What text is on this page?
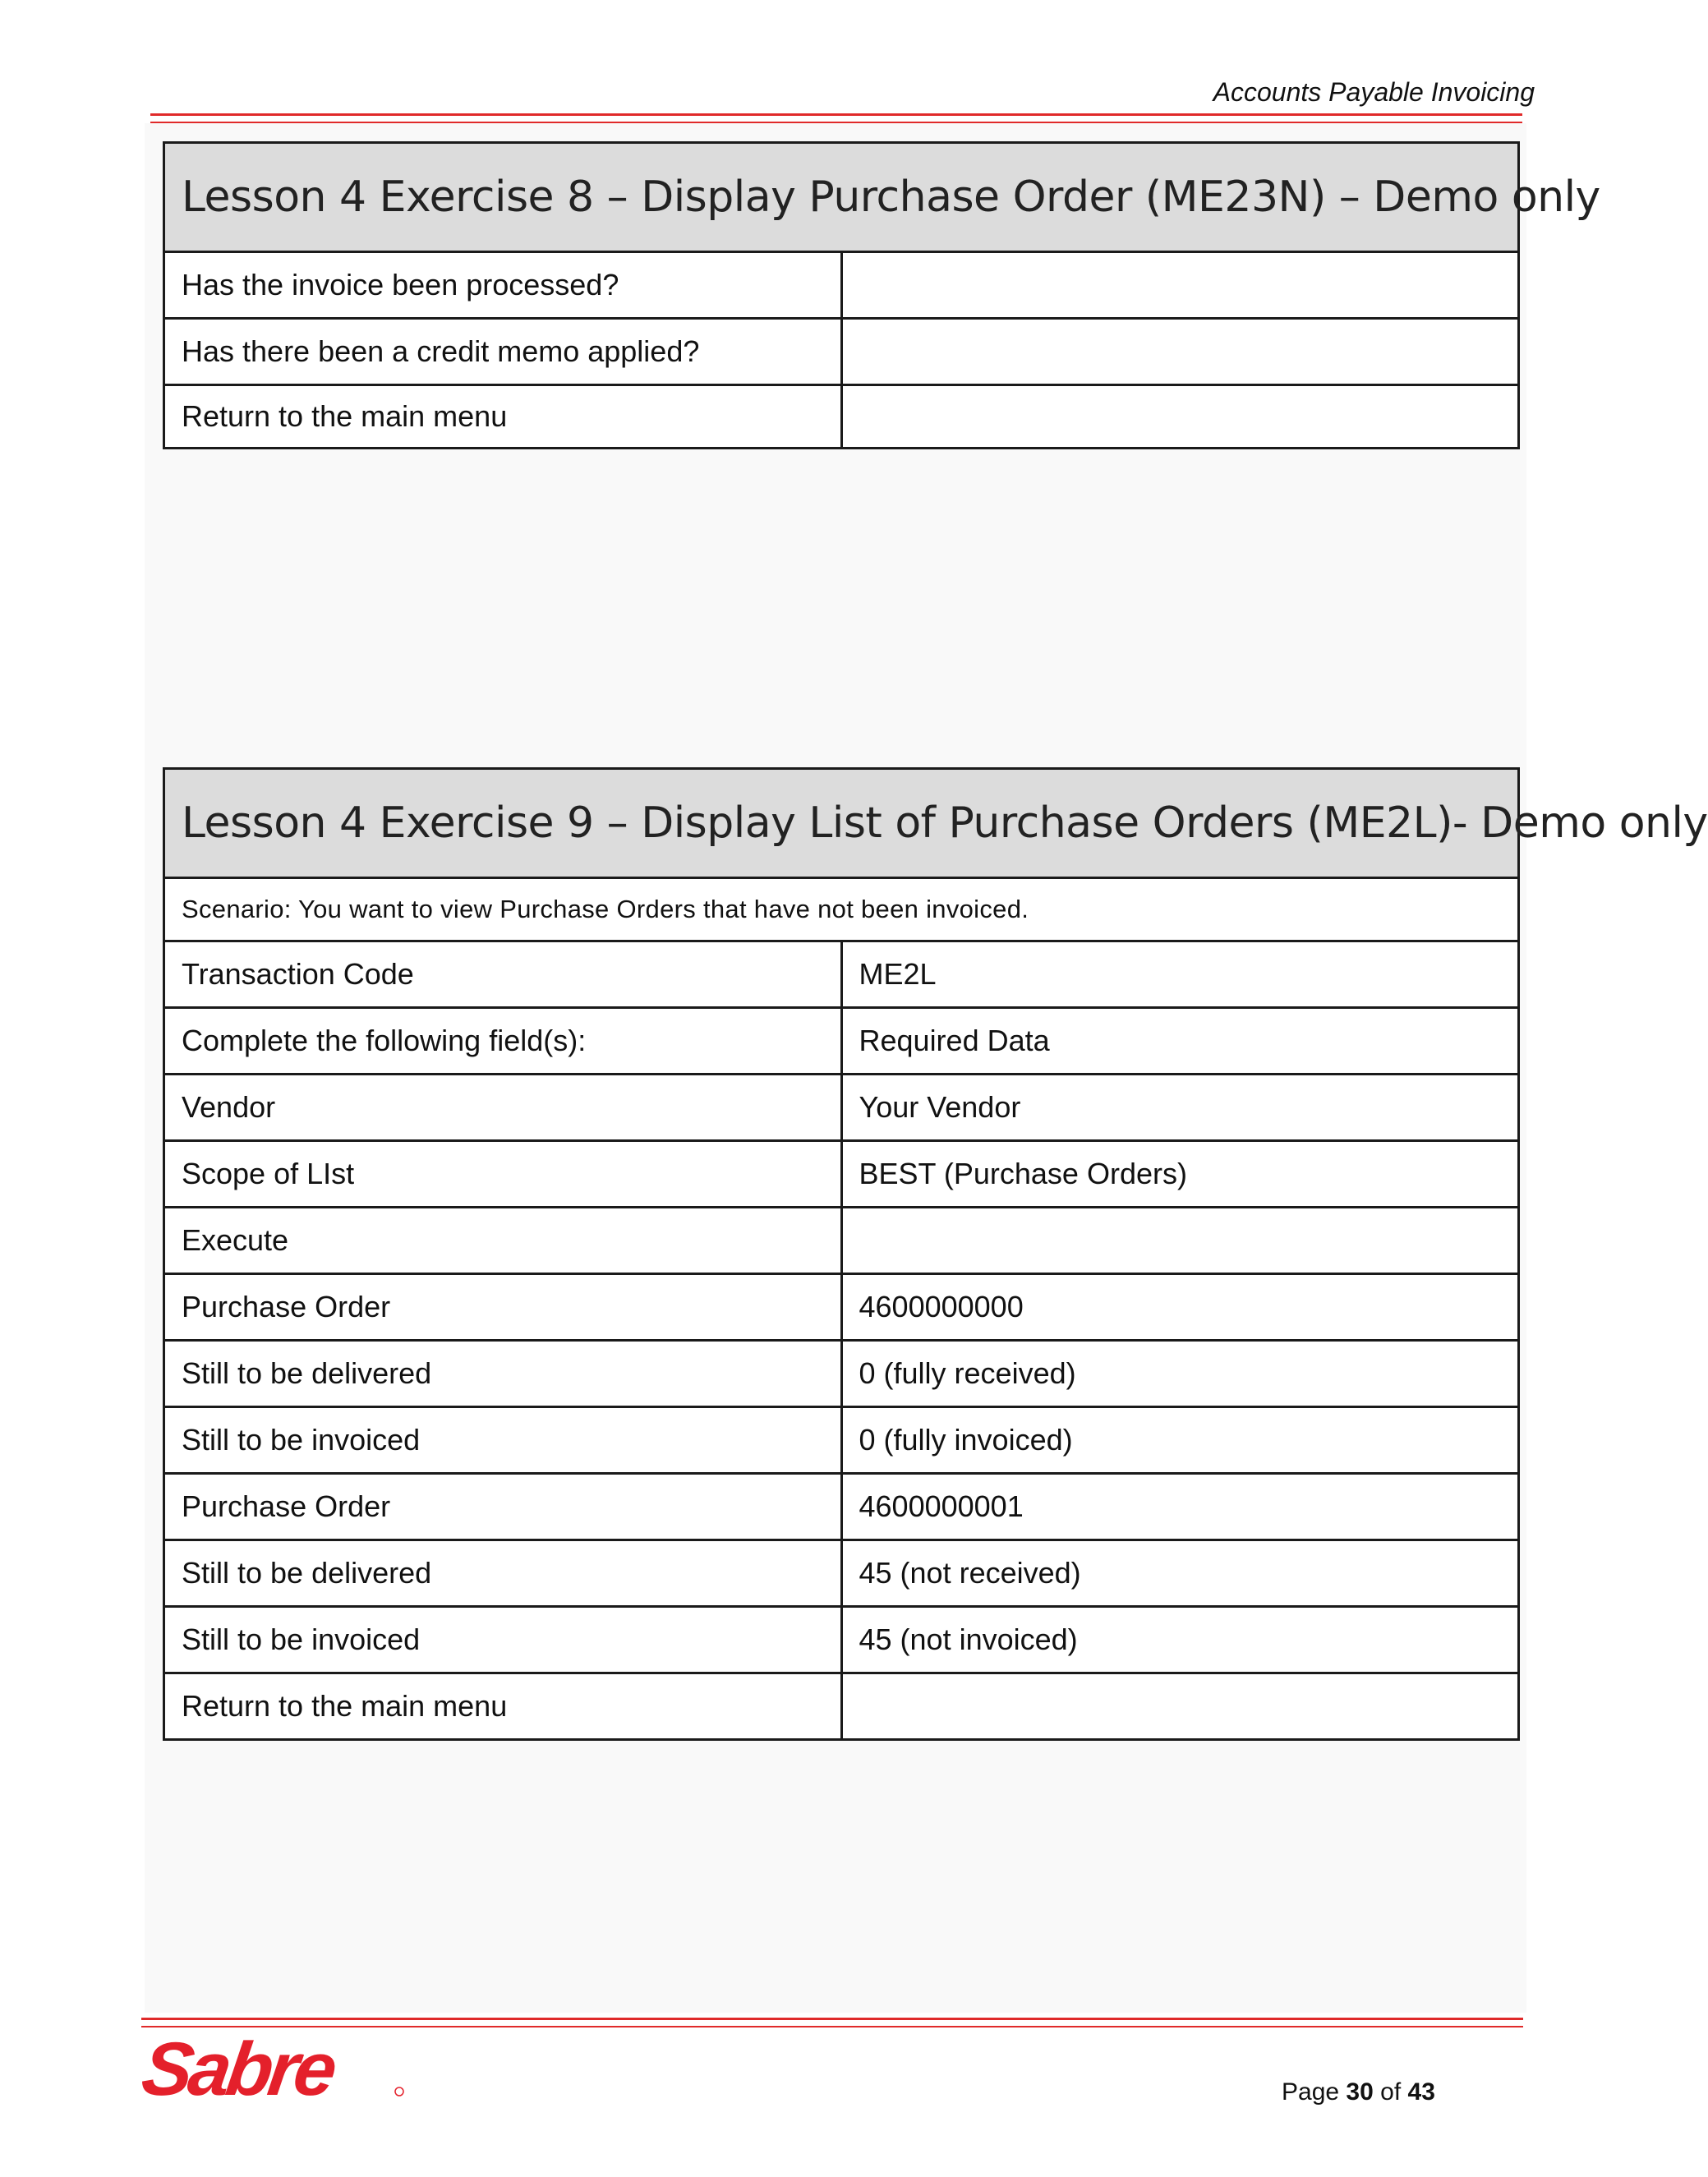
Accounts Payable Invoicing
Lesson 4 Exercise 8 – Display Purchase Order (ME23N) – Demo only	
Has the invoice been processed?	
Has there been a credit memo applied?	
Return to the main menu	
Lesson 4 Exercise 9 – Display List of Purchase Orders (ME2L)- Demo only	
Scenario: You want to view Purchase Orders that have not been invoiced.	
Transaction Code	ME2L
Complete the following field(s):	Required Data
Vendor	Your Vendor
Scope of LIst	BEST (Purchase Orders)
Execute	
Purchase Order	4600000000
Still to be delivered	0 (fully received)
Still to be invoiced	0 (fully invoiced)
Purchase Order	4600000001
Still to be delivered	45 (not received)
Still to be invoiced	45 (not invoiced)
Return to the main menu	
Sabre	Page 30 of 43
